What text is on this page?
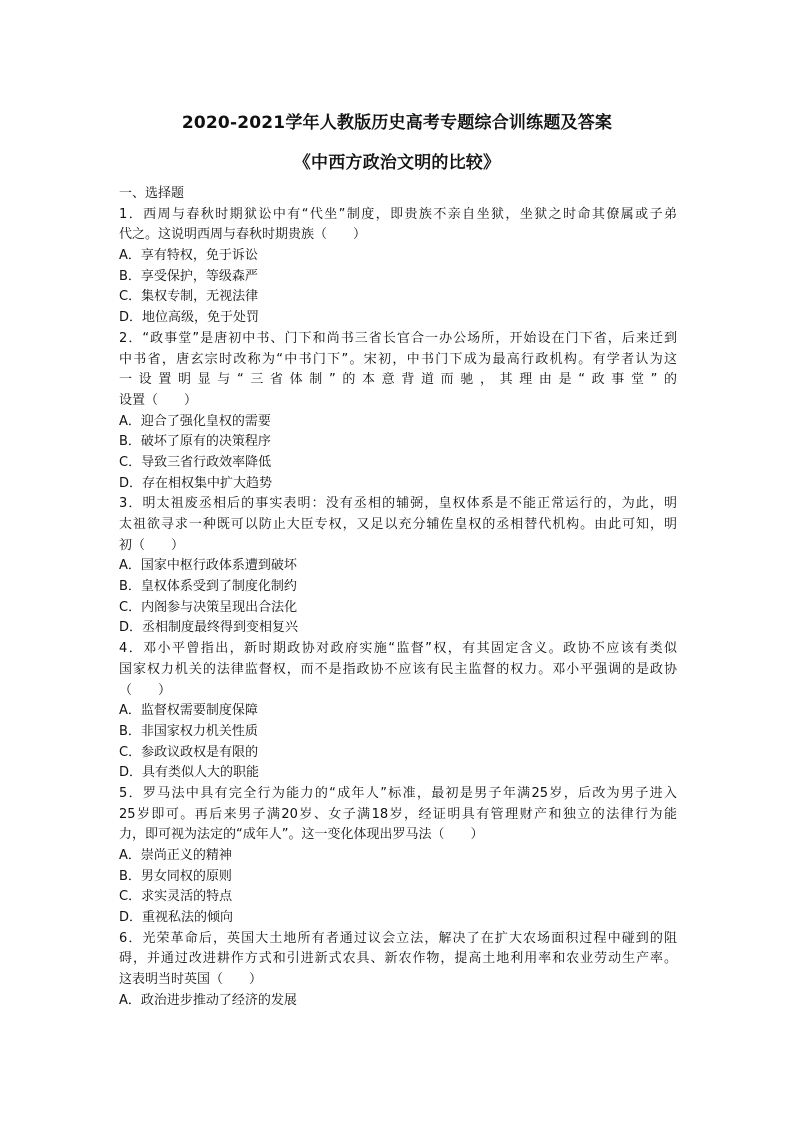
2020-2021学年人教版历史高考专题综合训练题及答案
《中西方政治文明的比较》
一、选择题
1．西周与春秋时期狱讼中有“代坐”制度，即贵族不亲自坐狱，坐狱之时命其僚属或子弟
代之。这说明西周与春秋时期贵族（　　）
A．享有特权，免于诉讼
B．享受保护，等级森严
C．集权专制，无视法律
D．地位高级，免于处罚
2．“政事堂”是唐初中书、门下和尚书三省长官合一办公场所，开始设在门下省，后来迁到
中书省，唐玄宗时改称为“中书门下”。宋初，中书门下成为最高行政机构。有学者认为这
一设置明显与“三省体制”的本意背道而驰，其理由是“政事堂”的
设置（　　）
A．迎合了强化皇权的需要
B．破坏了原有的决策程序
C．导致三省行政效率降低
D．存在相权集中扩大趋势
3．明太祖废丞相后的事实表明：没有丞相的辅弼，皇权体系是不能正常运行的，为此，明
太祖欲寻求一种既可以防止大臣专权，又足以充分辅佐皇权的丞相替代机构。由此可知，明
初（　　）
A．国家中枢行政体系遭到破坏
B．皇权体系受到了制度化制约
C．内阁参与决策呈现出合法化
D．丞相制度最终得到变相复兴
4．邓小平曾指出，新时期政协对政府实施“监督”权，有其固定含义。政协不应该有类似
国家权力机关的法律监督权，而不是指政协不应该有民主监督的权力。邓小平强调的是政协
（　　）
A．监督权需要制度保障
B．非国家权力机关性质
C．参政议政权是有限的
D．具有类似人大的职能
5．罗马法中具有完全行为能力的“成年人”标准，最初是男子年满25岁，后改为男子进入
25岁即可。再后来男子满20岁、女子满18岁，经证明具有管理财产和独立的法律行为能
力，即可视为法定的“成年人”。这一变化体现出罗马法（　　）
A．崇尚正义的精神
B．男女同权的原则
C．求实灵活的特点
D．重视私法的倾向
6．光荣革命后，英国大土地所有者通过议会立法，解决了在扩大农场面积过程中碰到的阻
碍，并通过改进耕作方式和引进新式农具、新农作物，提高土地利用率和农业劳动生产率。
这表明当时英国（　　）
A．政治进步推动了经济的发展
